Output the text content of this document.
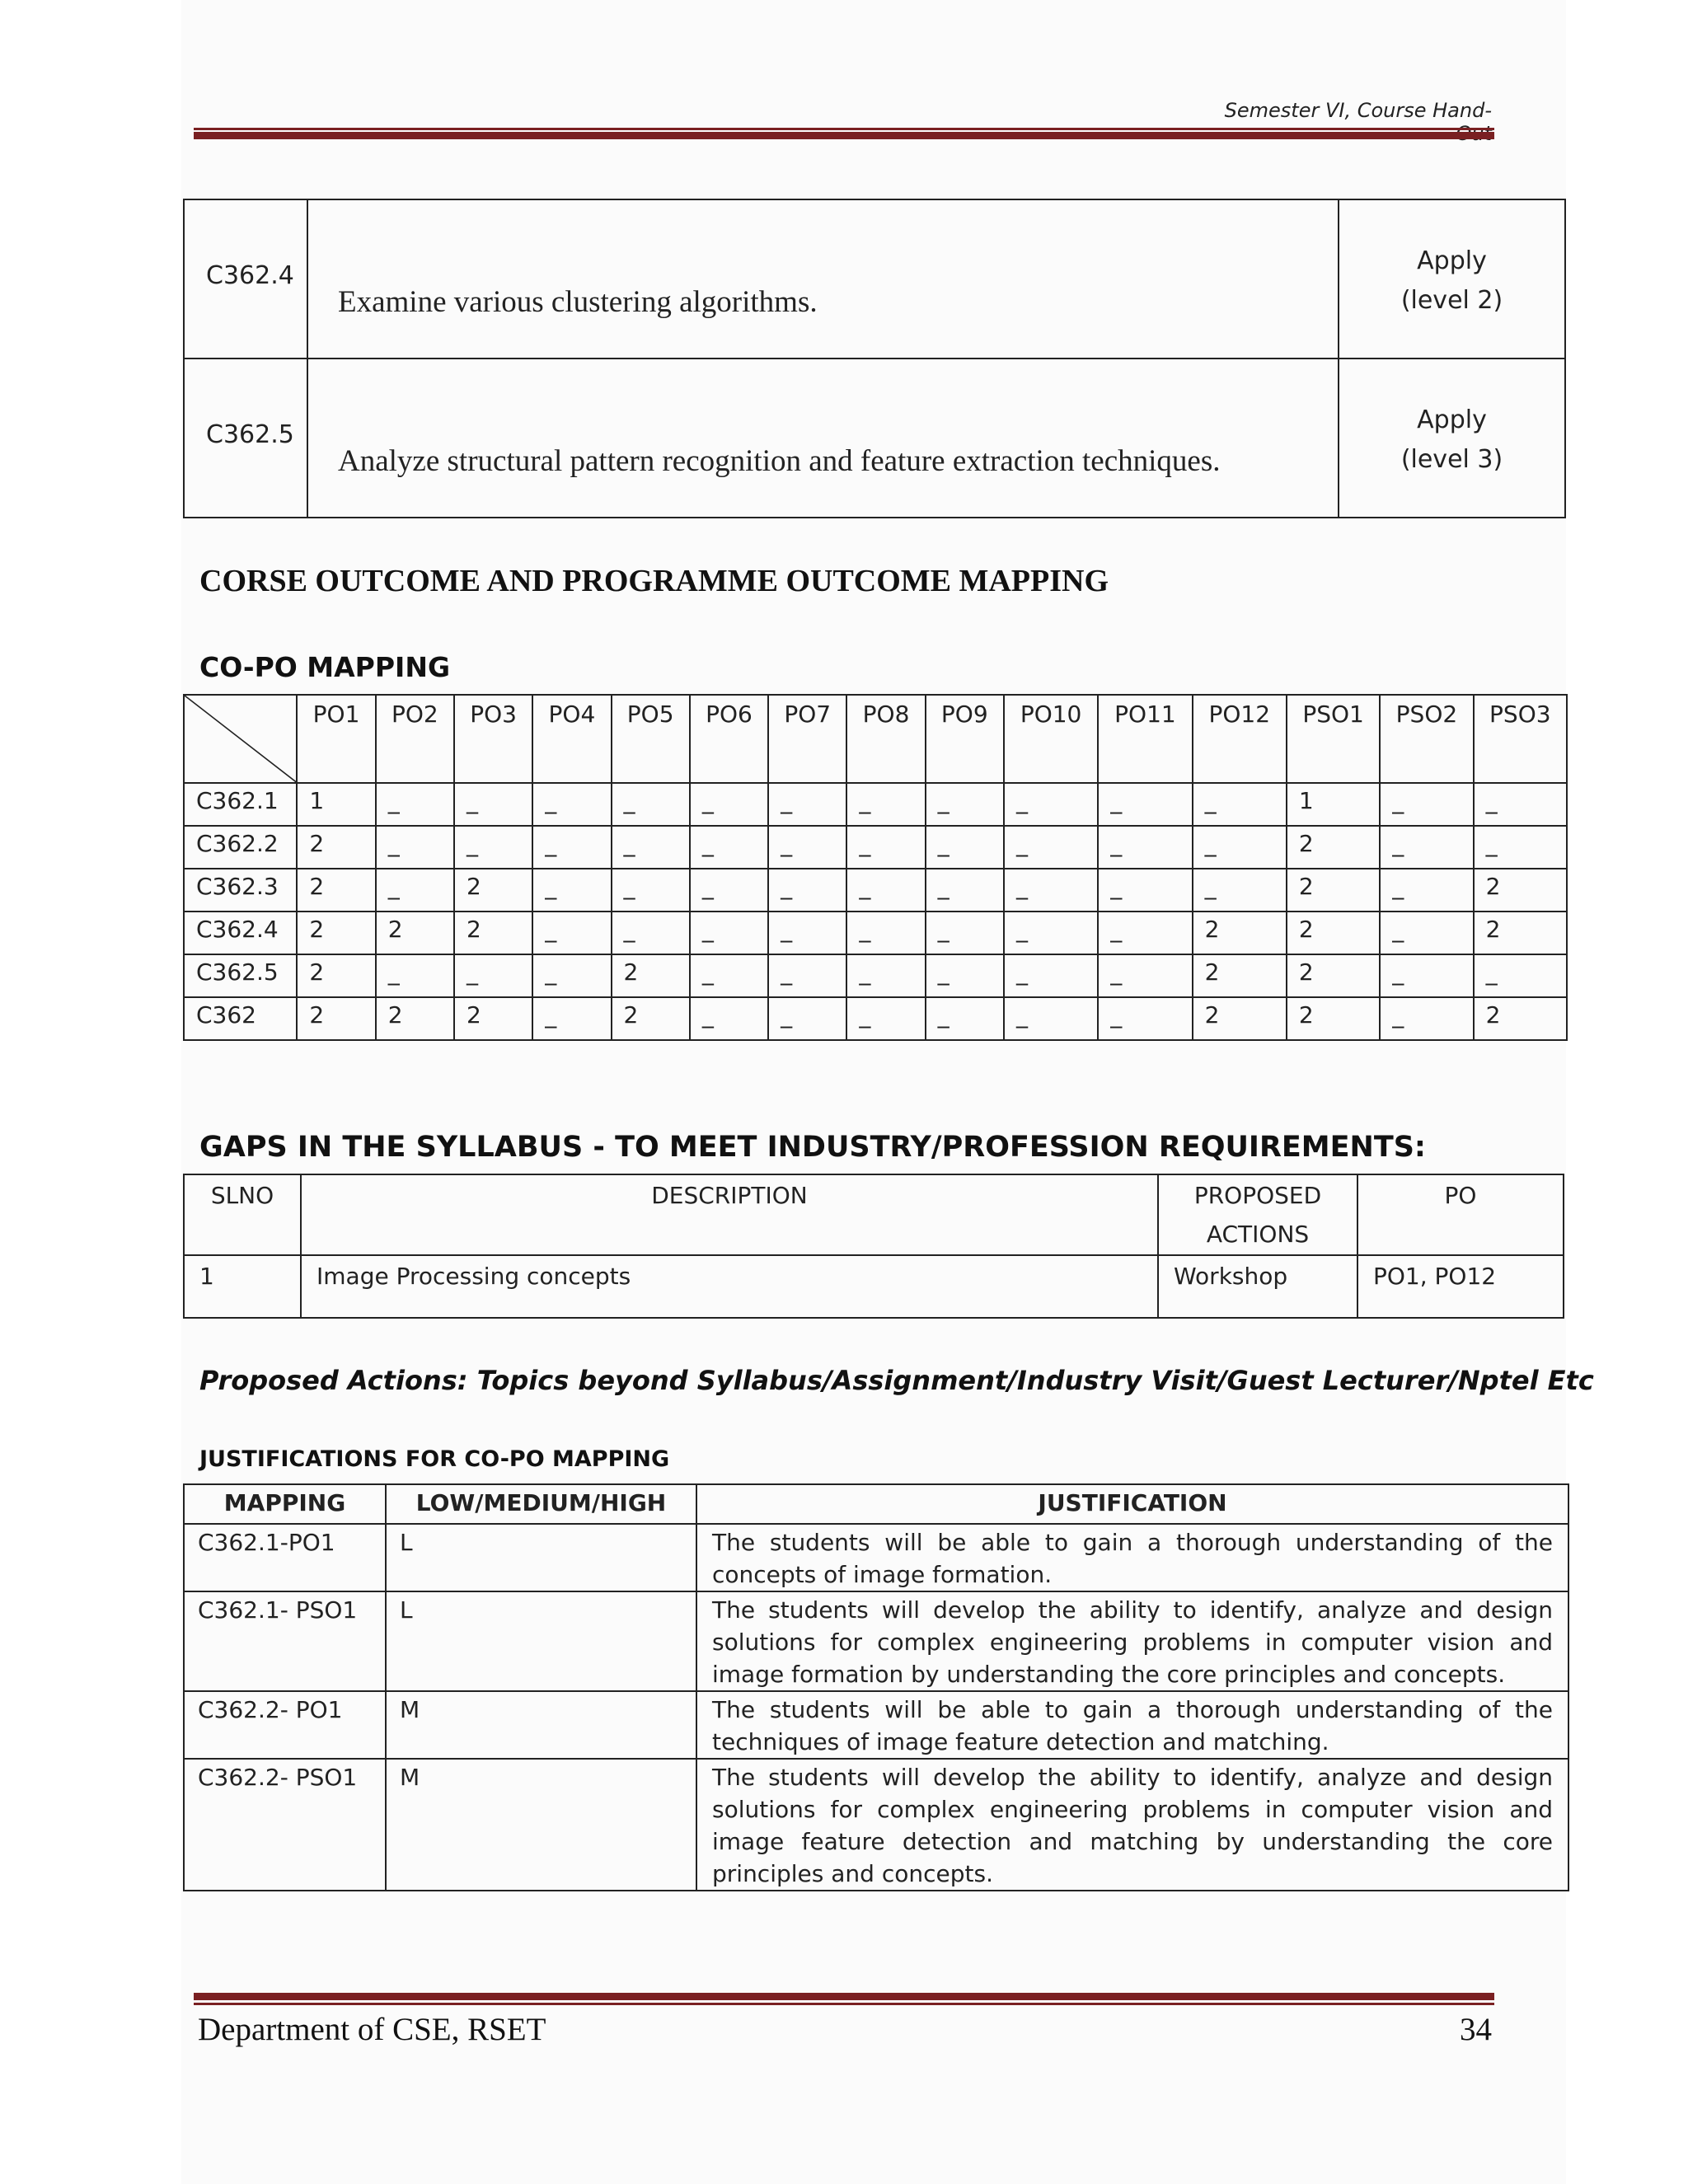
Semester VI, Course Hand-
C362.4	Examine various clustering algorithms.	Apply
(level 2)

C362.5	Analyze structural pattern recognition and feature extraction techniques.	Apply
(level 3)
CORSE OUTCOME AND PROGRAMME OUTCOME MAPPING
CO-PO MAPPING
	PO1	PO2	PO3	PO4	PO5	PO6	PO7	PO8	PO9	PO10	PO11	PO12	PSO1	PSO2	PSO3
C362.1	1	_	_	_	_	_	_	_	_	_	_	_	1	_	_
C362.2	2	_	_	_	_	_	_	_	_	_	_	_	2	_	_
C362.3	2	_	2	_	_	_	_	_	_	_	_	_	2	_	2
C362.4	2	2	2	_	_	_	_	_	_	_	_	2	2	_	2
C362.5	2	_	_	_	2	_	_	_	_	_	_	2	2	_	_
C362	2	2	2	_	2	_	_	_	_	_	_	2	2	_	2
GAPS IN THE SYLLABUS - TO MEET INDUSTRY/PROFESSION REQUIREMENTS:
SLNO	DESCRIPTION	PROPOSED
ACTIONS	PO
1	Image Processing concepts	Workshop	PO1, PO12
Proposed Actions: Topics beyond Syllabus/Assignment/Industry Visit/Guest Lecturer/Nptel Etc
JUSTIFICATIONS FOR CO-PO MAPPING
MAPPING	LOW/MEDIUM/HIGH	JUSTIFICATION
C362.1-PO1	L	The students will be able to gain a thorough understanding of the concepts of image formation.
C362.1- PSO1	L	The students will develop the ability to identify, analyze and design solutions for complex engineering problems in computer vision and image formation by understanding the core principles and concepts.
C362.2- PO1	M	The students will be able to gain a thorough understanding of the techniques of image feature detection and matching.
C362.2- PSO1	M	The students will develop the ability to identify, analyze and design solutions for complex engineering problems in computer vision and image feature detection and matching by understanding the core principles and concepts.
Department of CSE, RSET	34
